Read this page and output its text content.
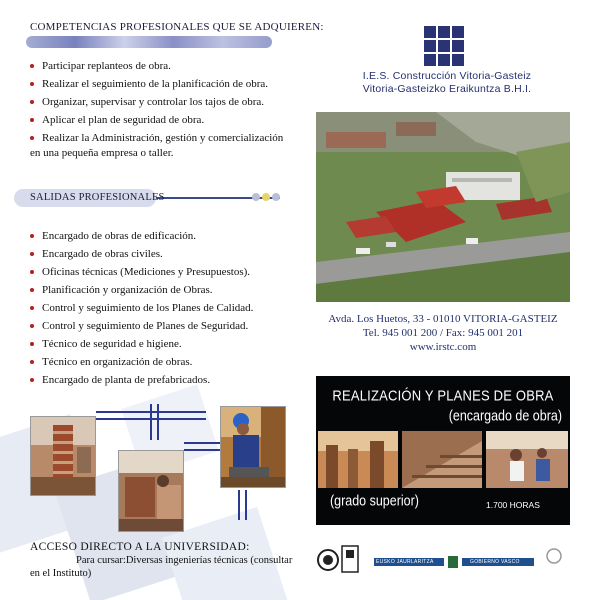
COMPETENCIAS PROFESIONALES QUE SE ADQUIEREN:
Participar replanteos de obra.
Realizar el seguimiento de la planificación de obra.
Organizar, supervisar y controlar los tajos de obra.
Aplicar el plan de seguridad de obra.
Realizar la Administración, gestión y comercialización
en una pequeña empresa o taller.
SALIDAS PROFESIONALES
Encargado de obras de edificación.
Encargado de obras civiles.
Oficinas técnicas (Mediciones y Presupuestos).
Planificación y organización de Obras.
Control y seguimiento de los Planes de Calidad.
Control y seguimiento de Planes de Seguridad.
Técnico de seguridad e higiene.
Técnico en organización de obras.
Encargado de planta de prefabricados.
ACCESO DIRECTO A LA UNIVERSIDAD:
Para cursar:Diversas ingenierías técnicas (consultar
en el Instituto)
I.E.S. Construcción Vitoria-Gasteiz
Vitoria-Gasteizko Eraikuntza B.H.I.
Avda. Los Huetos, 33 - 01010 VITORIA-GASTEIZ
Tel. 945 001 200 / Fax: 945 001 201
www.irstc.com
REALIZACIÓN Y PLANES DE OBRA
(encargado de obra)
(grado superior)	1.700 HORAS
EUSKO JAURLARITZA	GOBIERNO VASCO
